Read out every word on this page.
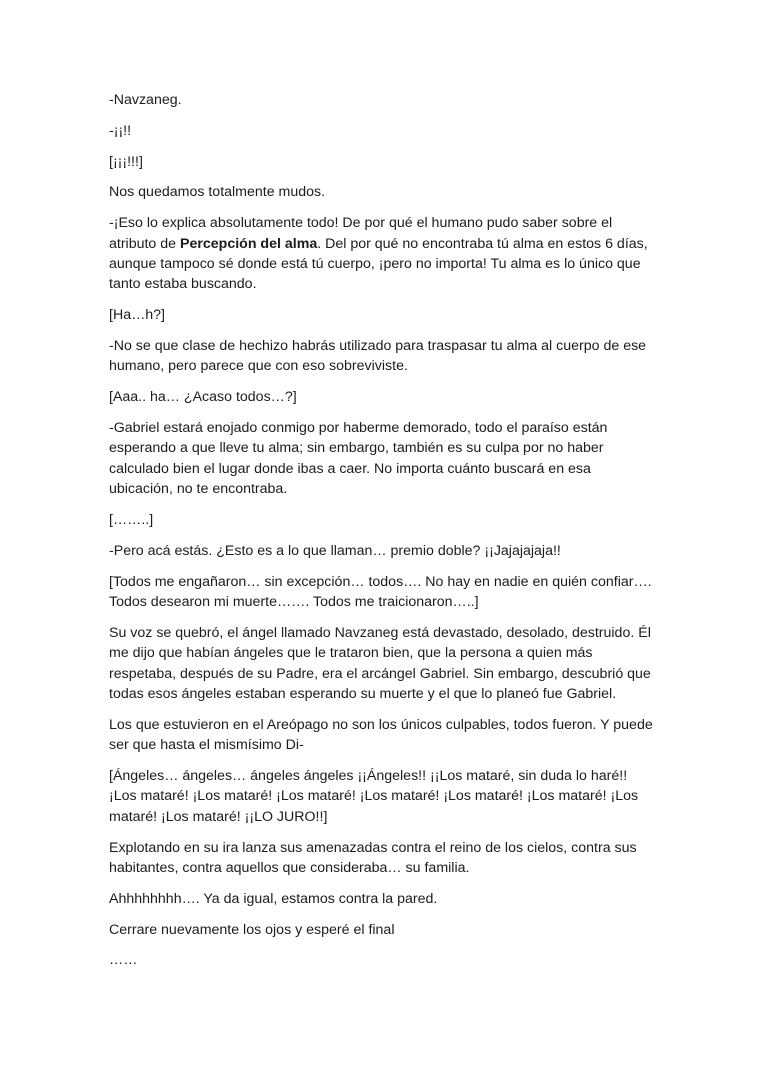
-Navzaneg.

-¡¡!!

[¡¡¡!!!]

Nos quedamos totalmente mudos.

-¡Eso lo explica absolutamente todo! De por qué el humano pudo saber sobre el atributo de Percepción del alma. Del por qué no encontraba tú alma en estos 6 días, aunque tampoco sé donde está tú cuerpo, ¡pero no importa! Tu alma es lo único que tanto estaba buscando.

[Ha…h?]

-No se que clase de hechizo habrás utilizado para traspasar tu alma al cuerpo de ese humano, pero parece que con eso sobreviviste.

[Aaa.. ha… ¿Acaso todos…?]

-Gabriel estará enojado conmigo por haberme demorado, todo el paraíso están esperando a que lleve tu alma; sin embargo, también es su culpa por no haber calculado bien el lugar donde ibas a caer. No importa cuánto buscará en esa ubicación, no te encontraba.

[……..]

-Pero acá estás. ¿Esto es a lo que llaman… premio doble? ¡¡Jajajajaja!!

[Todos me engañaron… sin excepción… todos…. No hay en nadie en quién confiar…. Todos desearon mi muerte……. Todos me traicionaron…..]

Su voz se quebró, el ángel llamado Navzaneg está devastado, desolado, destruido. Él me dijo que habían ángeles que le trataron bien, que la persona a quien más respetaba, después de su Padre, era el arcángel Gabriel. Sin embargo, descubrió que todas esos ángeles estaban esperando su muerte y el que lo planeó fue Gabriel.

Los que estuvieron en el Areópago no son los únicos culpables, todos fueron. Y puede ser que hasta el mismísimo Di-

[Ángeles… ángeles… ángeles ángeles ¡¡Ángeles!! ¡¡Los mataré, sin duda lo haré!! ¡Los mataré! ¡Los mataré! ¡Los mataré! ¡Los mataré! ¡Los mataré! ¡Los mataré! ¡Los mataré! ¡Los mataré! ¡¡LO JURO!!]

Explotando en su ira lanza sus amenazadas contra el reino de los cielos, contra sus habitantes, contra aquellos que consideraba… su familia.

Ahhhhhhhh…. Ya da igual, estamos contra la pared.

Cerrare nuevamente los ojos y esperé el final

……
